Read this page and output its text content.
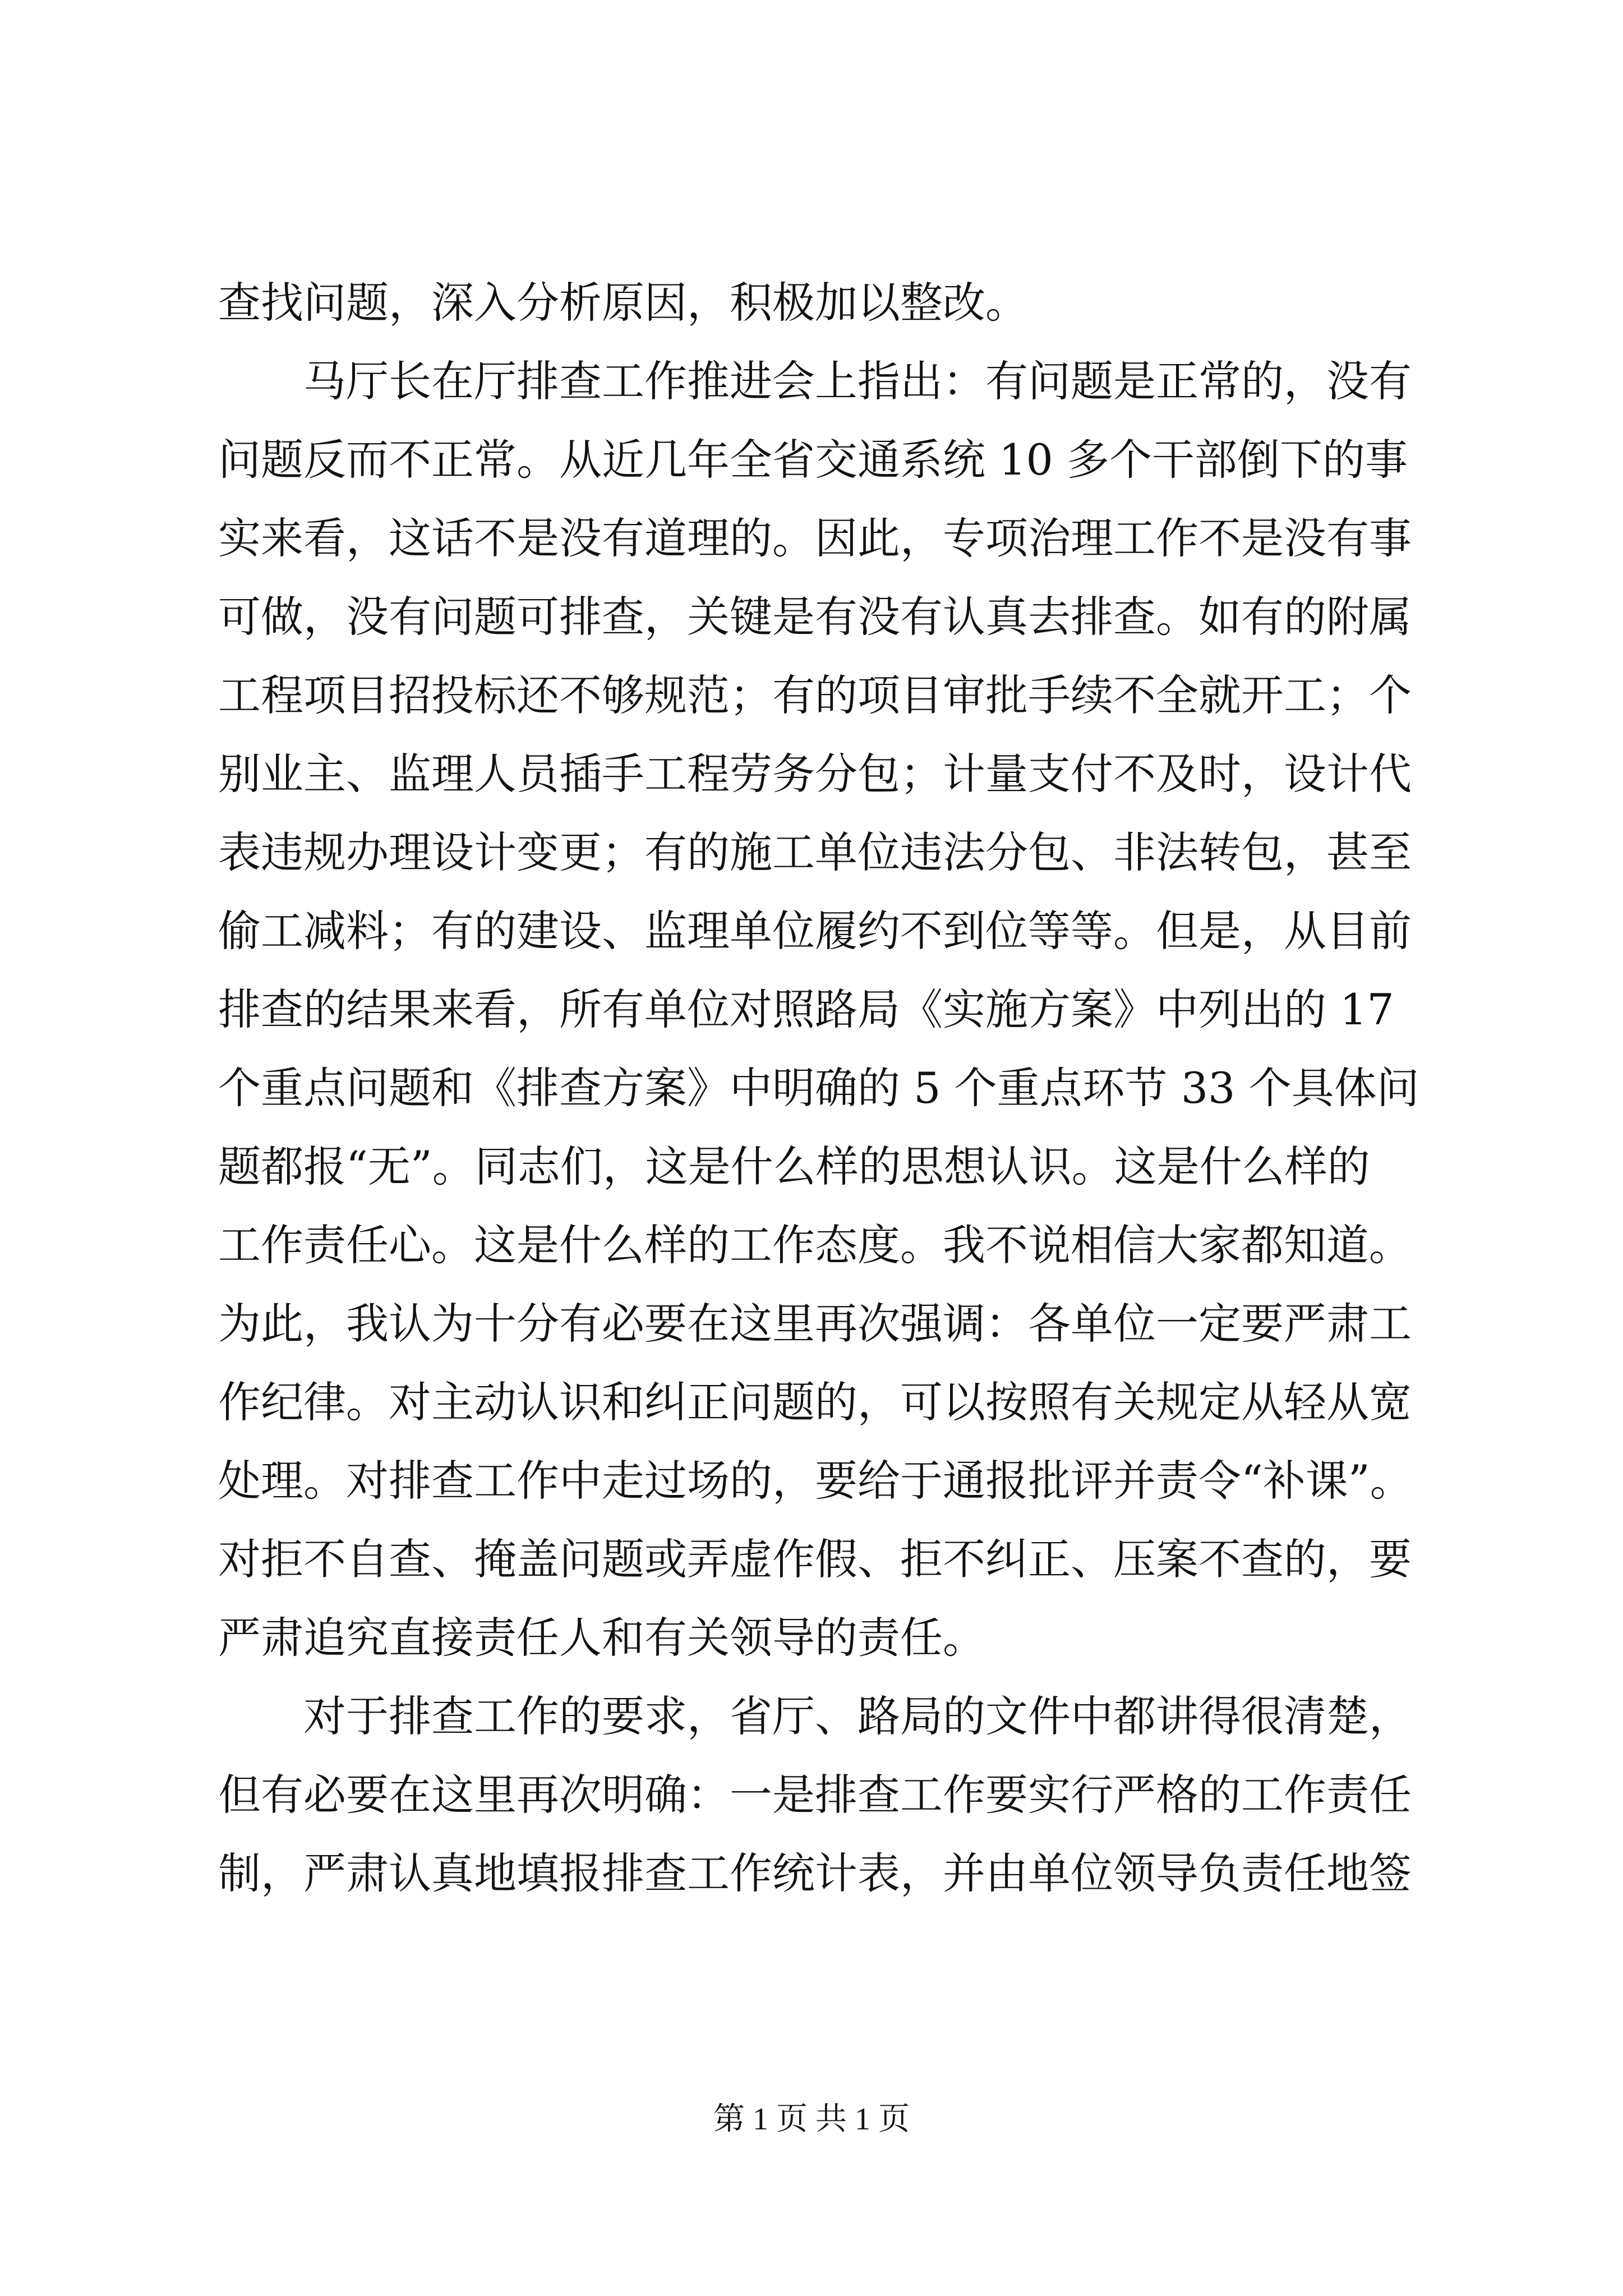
查找问题，深入分析原因，积极加以整改。
马厅长在厅排查工作推进会上指出：有问题是正常的，没有
问题反而不正常。从近几年全省交通系统 10 多个干部倒下的事
实来看，这话不是没有道理的。因此，专项治理工作不是没有事
可做，没有问题可排查，关键是有没有认真去排查。如有的附属
工程项目招投标还不够规范；有的项目审批手续不全就开工；个
别业主、监理人员插手工程劳务分包；计量支付不及时，设计代
表违规办理设计变更；有的施工单位违法分包、非法转包，甚至
偷工减料；有的建设、监理单位履约不到位等等。但是，从目前
排查的结果来看，所有单位对照路局《实施方案》中列出的 17
个重点问题和《排查方案》中明确的 5 个重点环节 33 个具体问
题都报“无”。同志们，这是什么样的思想认识。这是什么样的
工作责任心。这是什么样的工作态度。我不说相信大家都知道。
为此，我认为十分有必要在这里再次强调：各单位一定要严肃工
作纪律。对主动认识和纠正问题的，可以按照有关规定从轻从宽
处理。对排查工作中走过场的，要给于通报批评并责令“补课”。
对拒不自查、掩盖问题或弄虚作假、拒不纠正、压案不查的，要
严肃追究直接责任人和有关领导的责任。
对于排查工作的要求，省厅、路局的文件中都讲得很清楚，
但有必要在这里再次明确：一是排查工作要实行严格的工作责任
制，严肃认真地填报排查工作统计表，并由单位领导负责任地签
第 1 页 共 1 页
